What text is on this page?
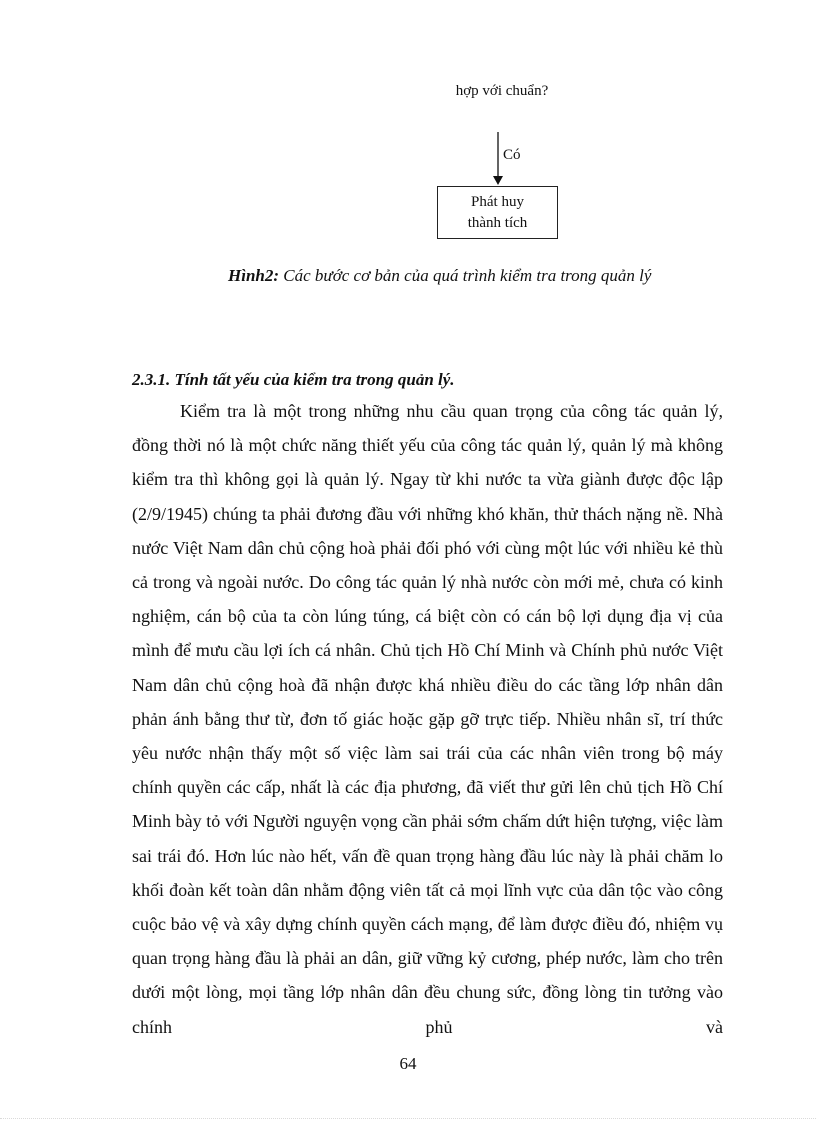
hợp với chuẩn?
Có
Phát huy
thành tích
Hình2: Các bước cơ bản của quá trình kiểm tra trong quản lý
2.3.1. Tính tất yếu của kiểm tra trong quản lý.
Kiểm tra là một trong những nhu cầu quan trọng của công tác quản lý, đồng thời nó là một chức năng thiết yếu của công tác quản lý, quản lý mà không kiểm tra thì không gọi là quản lý. Ngay từ khi nước ta vừa giành được độc lập (2/9/1945) chúng ta phải đương đầu với những khó khăn, thử thách nặng nề. Nhà nước Việt Nam dân chủ cộng hoà phải đối phó với cùng một lúc với nhiều kẻ thù cả trong và ngoài nước. Do công tác quản lý nhà nước còn mới mẻ, chưa có kinh nghiệm, cán bộ của ta còn lúng túng, cá biệt còn có cán bộ lợi dụng địa vị của mình để mưu cầu lợi ích cá nhân. Chủ tịch Hồ Chí Minh và Chính phủ nước Việt Nam dân chủ cộng hoà đã nhận được khá nhiều điều do các tầng lớp nhân dân phản ánh bằng thư từ, đơn tố giác hoặc gặp gỡ trực tiếp. Nhiều nhân sĩ, trí thức yêu nước nhận thấy một số việc làm sai trái của các nhân viên trong bộ máy chính quyền các cấp, nhất là các địa phương, đã viết thư gửi lên chủ tịch Hồ Chí Minh bày tỏ với Người nguyện vọng cần phải sớm chấm dứt hiện tượng, việc làm sai trái đó. Hơn lúc nào hết, vấn đề quan trọng hàng đầu lúc này là phải chăm lo khối đoàn kết toàn dân nhằm động viên tất cả mọi lĩnh vực của dân tộc vào công cuộc bảo vệ và xây dựng chính quyền cách mạng, để làm được điều đó, nhiệm vụ quan trọng hàng đầu là phải an dân, giữ vững kỷ cương, phép nước, làm cho trên dưới một lòng, mọi tầng lớp nhân dân đều chung sức, đồng lòng tin tưởng vào chính phủ và
64
